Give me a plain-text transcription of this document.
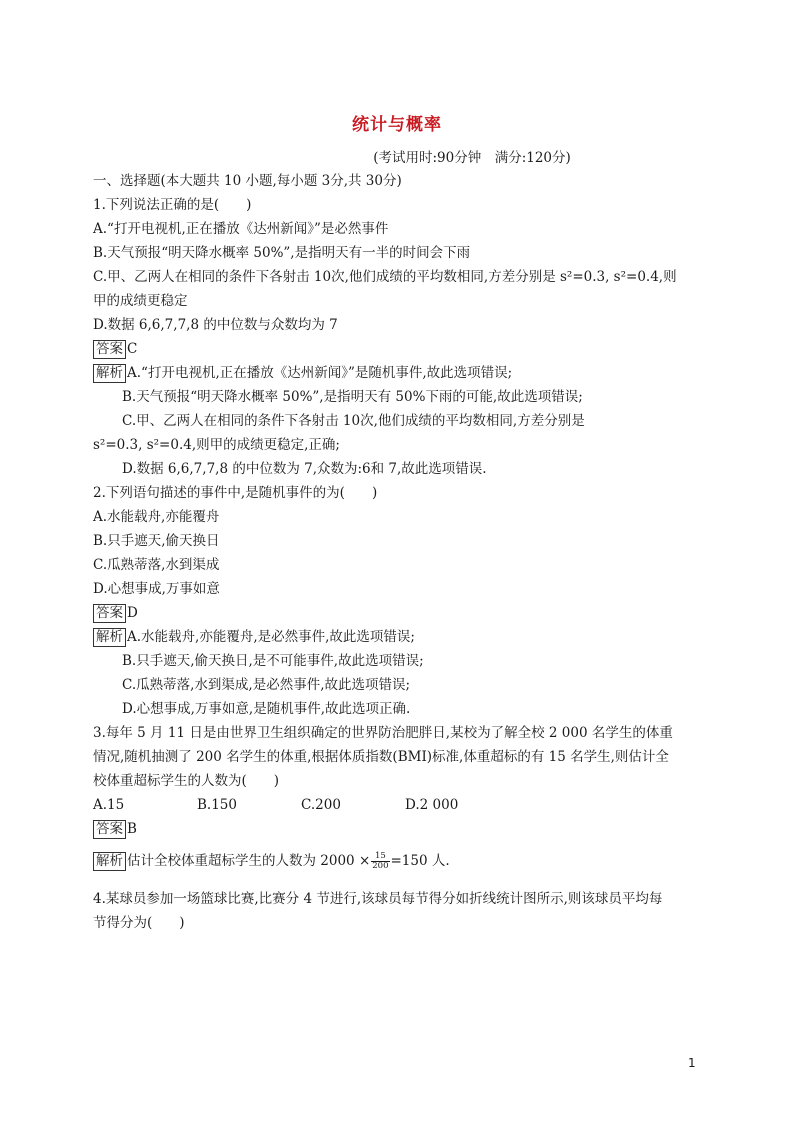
统计与概率
(考试用时:90分钟　满分:120分)
一、选择题(本大题共 10 小题,每小题 3分,共 30分)
1.下列说法正确的是(　　)
A.“打开电视机,正在播放《达州新闻》”是必然事件
B.天气预报“明天降水概率 50%”,是指明天有一半的时间会下雨
C.甲、乙两人在相同的条件下各射击 10次,他们成绩的平均数相同,方差分别是 s²=0.3, s²=0.4,则
甲的成绩更稳定
D.数据 6,6,7,7,8 的中位数与众数均为 7
答案 C
解析 A.“打开电视机,正在播放《达州新闻》”是随机事件,故此选项错误;
B.天气预报“明天降水概率 50%”,是指明天有 50%下雨的可能,故此选项错误;
C.甲、乙两人在相同的条件下各射击 10次,他们成绩的平均数相同,方差分别是
s²=0.3, s²=0.4,则甲的成绩更稳定,正确;
D.数据 6,6,7,7,8 的中位数为 7,众数为:6和 7,故此选项错误.
2.下列语句描述的事件中,是随机事件的为(　　)
A.水能载舟,亦能覆舟
B.只手遮天,偷天换日
C.瓜熟蒂落,水到渠成
D.心想事成,万事如意
答案 D
解析 A.水能载舟,亦能覆舟,是必然事件,故此选项错误;
B.只手遮天,偷天换日,是不可能事件,故此选项错误;
C.瓜熟蒂落,水到渠成,是必然事件,故此选项错误;
D.心想事成,万事如意,是随机事件,故此选项正确.
3.每年 5 月 11 日是由世界卫生组织确定的世界防治肥胖日,某校为了解全校 2 000 名学生的体重
情况,随机抽测了 200 名学生的体重,根据体质指数(BMI)标准,体重超标的有 15 名学生,则估计全
校体重超标学生的人数为(　　)
A.15	B.150	C.200	D.2 000
答案 B
解析 估计全校体重超标学生的人数为 $2000 \times \frac{15}{200} =150$ 人.
4.某球员参加一场篮球比赛,比赛分 4 节进行,该球员每节得分如折线统计图所示,则该球员平均每
节得分为(　　)
1
